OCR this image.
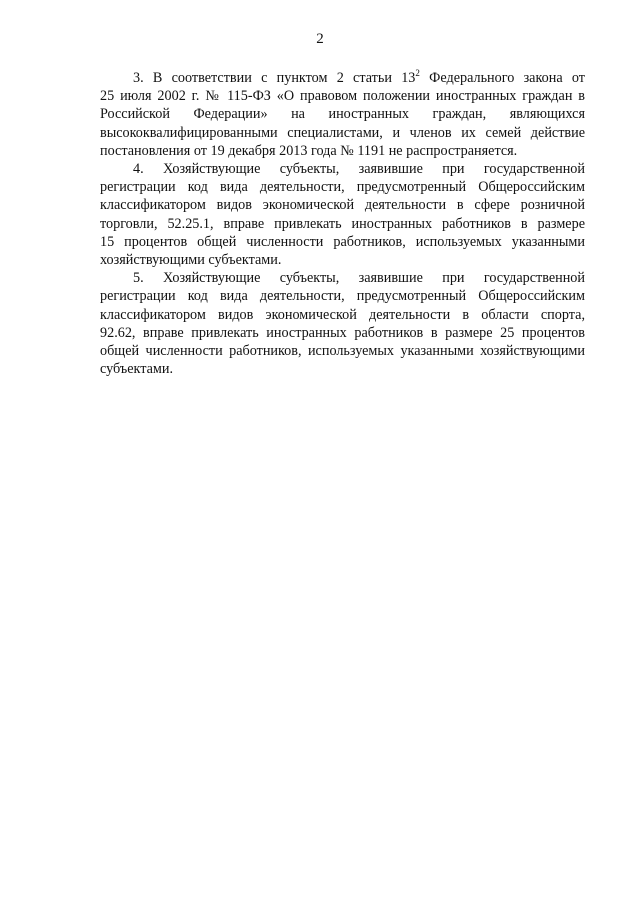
2

3. В соответствии с пунктом 2 статьи $13^2$ Федерального закона от
25 июля 2002 г. № 115-ФЗ «О правовом положении иностранных граждан в
Российской Федерации» на иностранных граждан, являющихся
высококвалифицированными специалистами, и членов их семей действие
постановления от 19 декабря 2013 года № 1191 не распространяется.

4. Хозяйствующие субъекты, заявившие при государственной
регистрации код вида деятельности, предусмотренный Общероссийским
классификатором видов экономической деятельности в сфере розничной
торговли, 52.25.1, вправе привлекать иностранных работников в размере
15 процентов общей численности работников, используемых указанными
хозяйствующими субъектами.

5. Хозяйствующие субъекты, заявившие при государственной
регистрации код вида деятельности, предусмотренный Общероссийским
классификатором видов экономической деятельности в области спорта,
92.62, вправе привлекать иностранных работников в размере 25 процентов
общей численности работников, используемых указанными хозяйствующими
субъектами.
